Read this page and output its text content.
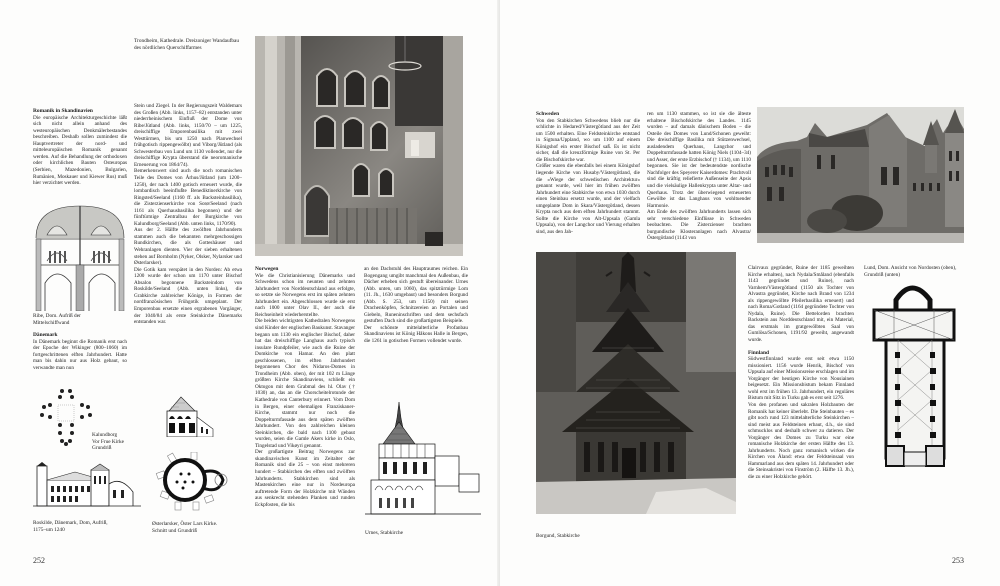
Romanik in Skandinavien

Die europäische Architekturgeschichte läßt sich nicht allein anhand des westeuropäischen Denkmälerbestandes beschreiben. Deshalb sollen zumindest die Hauptvertreter der nord- und mitteleuropäischen Romanik genannt werden. Auf die Behandlung der orthodoxen oder kirchlichen Bauten Osteuropas (Serbien, Mazedonien, Bulgarien, Rumänien, Moskauer und Kiewer Rus) muß hier verzichtet werden.

Ribe, Dom. Aufriß der Mittelschiffwand
Dänemark

In Dänemark beginnt die Romanik erst nach der Epoche der Wikinger (800–1060) im fortgeschrittenen elften Jahrhundert. Hatte man bis dahin nur aus Holz gebaut, so verwandte man nun

Kalundborg
Vor Frue Kirke
Grundriß
Roskilde, Dänemark, Dom, Aufriß,
1175–um 1240
Østerlarsker, Öster Lars Kirke.
Schnitt und Grundriß
Trondheim, Kathedrale. Dreizoniger Wandaufbau des nördlichen Querschiffarmes

Stein und Ziegel. In der Regierungszeit Waldemars des Großen (Abb. links, 1157–82) entstanden unter niederrheinischem Einfluß der Dome von Ribe/Jütland (Abb. links, 1150/70 – um 1225, dreischiffige Emporenbasilika mit zwei Westtürmen, bis um 1250 nach Planwechsel frühgotisch rippengewölbt) und Viborg/Jütland (als Schwesterbau von Lund um 1130 vollendet, nur die dreischiffige Krypta überstand die neoromanische Erneuerung von 1864/74).

Bemerkenswert sind auch die noch romanischen Teile des Domes von Århus/Jütland (um 1200–1250), der nach 1400 gotisch erneuert wurde, die lombardisch beeinflußte Benediktinerkirche von Ringsted/Seeland (1160 ff. als Backsteinbasilika), die Zisterzienserkirche von Sorø/Seeland (nach 1161 als Querhausbasilika begonnen) und der fünftürmige Zentralbau der Burgkirche von Kalundborg/Seeland (Abb. unten links, 1170/90).

Aus der 2. Hälfte des zwölften Jahrhunderts stammen auch die bekannten mehrgeschossigen Rundkirchen, die als Gotteshäuser und Wehranlagen dienten. Vier der sieben erhaltenen stehen auf Bornholm (Nyker, Olsker, Nylarsker und Østerlarsker).

Die Gotik kam verspätet in den Norden: Ab etwa 1200 wurde der schon um 1170 unter Bischof Absalon begonnene Backsteindom von Roskilde/Seeland (Abb. unten links), die Grabkirche zahlreicher Könige, in Formen der nordfranzösischen Frühgotik umgeplant. Der Emporenbau ersetzte einen ergrabenen Vorgänger, der 1040/84 als erste Steinkirche Dänemarks entstanden war.

Norwegen

Wie die Christianisierung Dänemarks und Schwedens schon im neunten und zehnten Jahrhundert von Norddeutschland aus erfolgte, so setzte sie Norwegens erst im späten zehnten Jahrhundert ein. Abgeschlossen wurde sie erst nach 1000 unter Olav II., der auch die Reichseinheit wiederherstellte.

Die beiden wichtigsten Kathedralen Norwegens sind Kinder der englischen Baukunst. Stavanger begann um 1130 ein englischer Bischof, daher hat das dreischiffige Langhaus auch typisch insulare Rundpfeiler, wie auch die Ruine der Domkirche von Hamar. An den platt geschlossenen, im elften Jahrhundert begonnenen Chor des Nidaros-Domes in Trondheim (Abb. oben), der mit 102 m Länge größten Kirche Skandinaviens, schließt ein Oktogon mit dem Grabmal des hl. Olav († 1030) an, das an die Chorscheitelrotunde der Kathedrale von Canterbury erinnert. Vom Dom in Bergen, einer ehemaligen Franziskaner-Kirche, stammt nur noch die Doppelturmfassade aus dem späten zwölften Jahrhundert. Von den zahlreichen kleinen Steinkirchen, die bald nach 1100 gebaut wurden, seien die Gamle Akers kirke in Oslo, Tingelstad und Vikøyri genannt.

Der großartigste Beitrag Norwegens zur skandinavischen Kunst im Zeitalter der Romanik sind die 25 – von einst mehreren hundert – Stabkirchen des elften und zwölften Jahrhunderts. Stabkirchen sind als Mastenkirchen eine nur in Nordeuropa auftretende Form der Holzkirche mit Wänden aus senkrecht stehenden Planken und runden Eckpfosten, die bis

an den Dachstuhl des Hauptraumes reichen. Ein Bogengang umgibt manchmal den Außenbau, die Dächer erheben sich gestuft übereinander. Urnes (Abb. unten, um 1060), das spitztürmige Lom (11. Jh., 1630 umgebaut) und besonders Borgund (Abb. S. 253, um 1150) mit seinen Drachenköpfen, Schnitzereien an Portalen und Giebeln, Runeninschriften und dem sechsfach gestuften Dach sind die großartigsten Beispiele.

Der schönste mittelalterliche Profanbau Skandinaviens ist König Håkons Halle in Bergen, die 1261 in gotischen Formen vollendet wurde.

Urnes, Stabkirche
252
Schweden

Von den Stabkirchen Schwedens blieb nur die schlichte in Hedared/Västergötland aus der Zeit um 1500 erhalten. Eine Feldsteinkirche entstand in Sigtuna/Uppland, wo um 1100 auf einem Königshof ein erster Bischof saß. Es ist nicht sicher, daß die kreuzförmige Ruine von St. Per die Bischofskirche war.

Größer waren die ebenfalls bei einem Königshof liegende Kirche von Husaby/Västergötland, die die »Wiege der schwedischen Architektur« genannt wurde, weil hier im frühen zwölften Jahrhundert eine Stabkirche von etwa 1030 durch einen Steinbau ersetzt wurde, und der vielfach umgeplante Dom in Skara/Västergötland, dessen Krypta noch aus dem elften Jahrhundert stammt. Sollte die Kirche von Alt-Uppsala (Gamla Uppsala), von der Langchor und Vierung erhalten sind, aus den Jah-

ren um 1130 stammen, so ist sie die älteste erhaltene Bischofskirche des Landes. 1145 wurden – auf damals dänischem Boden – die Osteile des Domes von Lund/Schonen geweiht: Die dreischiffige Basilika mit Stützenwechsel, ausladendem Querhaus, Langchor und Doppelturmfassade hatten König Niels (1104–34) und Asser, der erste Erzbischof († 1134), um 1110 begonnen. Sie ist der bedeutendste nordische Nachfolger des Speyerer Kaiserdomes: Prachtvoll sind die kräftig reliefierte Außenseite der Apsis und die vielsäulige Hallenkrypta unter Altar- und Querhaus. Trotz der überwiegend erneuerten Gewölbe ist das Langhaus von wohltuender Harmonie.

Am Ende des zwölften Jahrhunderts lassen sich sehr verschiedene Einflüsse in Schweden beobachten. Die Zisterzienser brachten burgundische Klosteranlagen nach Alvastra/Östergötland (1143 von

Borgund, Stabkirche

Clairvaux gegründet, Ruine der 1185 geweihten Kirche erhalten), nach Nydala/Småland (ebenfalls 1143 gegründet und Ruine), nach Varnhem/Västergötland (1150 als Tochter von Alvastra gegründet, Kirche nach Brand von 1234 als rippengewölbte Pfeilerbasilika erneuert) und nach Roma/Gotland (1164 gegründete Tochter von Nydala, Ruine). Die Bettelorden brachten Backstein aus Norddeutschland mit, ein Material, das erstmals im gratgewölbten Saal von Gumlösa/Schonen, 1191/92 geweiht, angewandt wurde.

Finnland

Südwestfinnland wurde erst seit etwa 1150 missioniert. 1156 wurde Henrik, Bischof von Uppsala auf einer Missionsreise erschlagen und im Vorgänger der heutigen Kirche von Nousiainen beigesetzt. Ein Missionsbistum bekam Finnland wohl erst im frühen 13. Jahrhundert, ein reguläres Bistum mit Sitz in Turku gab es erst seit 1276.

Von den profanen und sakralen Holzbauten der Romanik hat keiner überlebt. Die Steinbauten – es gibt noch rund 123 mittelalterliche Steinkirchen – sind meist aus Feldsteinen erbaut, d.h., sie sind schmucklos und deshalb schwer zu datieren. Der Vorgänger des Domes zu Turku war eine romanische Holzkirche der ersten Hälfte des 13. Jahrhunderts. Noch ganz romanisch wirken die Kirchen von Åland: etwa der Feldsteinsaal von Hammarland aus dem späten 14. Jahrhundert oder die Steinsakristei von Finström (2. Hälfte 13. Jh.), die zu einer Holzkirche gehört.

Lund, Dom. Ansicht von Nordosten (oben), Grundriß (unten)
253
